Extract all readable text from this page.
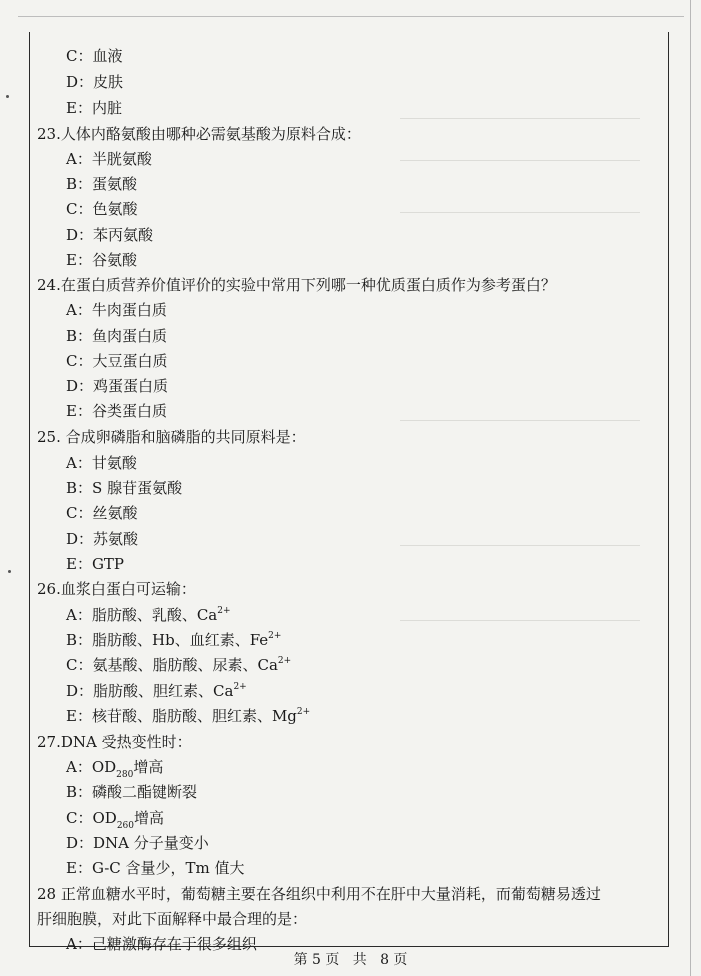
C：血液
D：皮肤
E：内脏
23.人体内酪氨酸由哪种必需氨基酸为原料合成：
A：半胱氨酸
B：蛋氨酸
C：色氨酸
D：苯丙氨酸
E：谷氨酸
24.在蛋白质营养价值评价的实验中常用下列哪一种优质蛋白质作为参考蛋白？
A：牛肉蛋白质
B：鱼肉蛋白质
C：大豆蛋白质
D：鸡蛋蛋白质
E：谷类蛋白质
25. 合成卵磷脂和脑磷脂的共同原料是：
A：甘氨酸
B：S 腺苷蛋氨酸
C：丝氨酸
D：苏氨酸
E：GTP
26.血浆白蛋白可运输：
A：脂肪酸、乳酸、$Ca^{2+}$
B：脂肪酸、Hb、血红素、$Fe^{2+}$
C：氨基酸、脂肪酸、尿素、$Ca^{2+}$
D：脂肪酸、胆红素、$Ca^{2+}$
E：核苷酸、脂肪酸、胆红素、$Mg^{2+}$
27.DNA 受热变性时：
A：$OD_{280}$增高
B：磷酸二酯键断裂
C：$OD_{260}$增高
D：DNA 分子量变小
E：G-C 含量少，Tm 值大
28 正常血糖水平时，葡萄糖主要在各组织中利用不在肝中大量消耗，而葡萄糖易透过
肝细胞膜，对此下面解释中最合理的是：
A：己糖激酶存在于很多组织
第 5 页   共   8 页
